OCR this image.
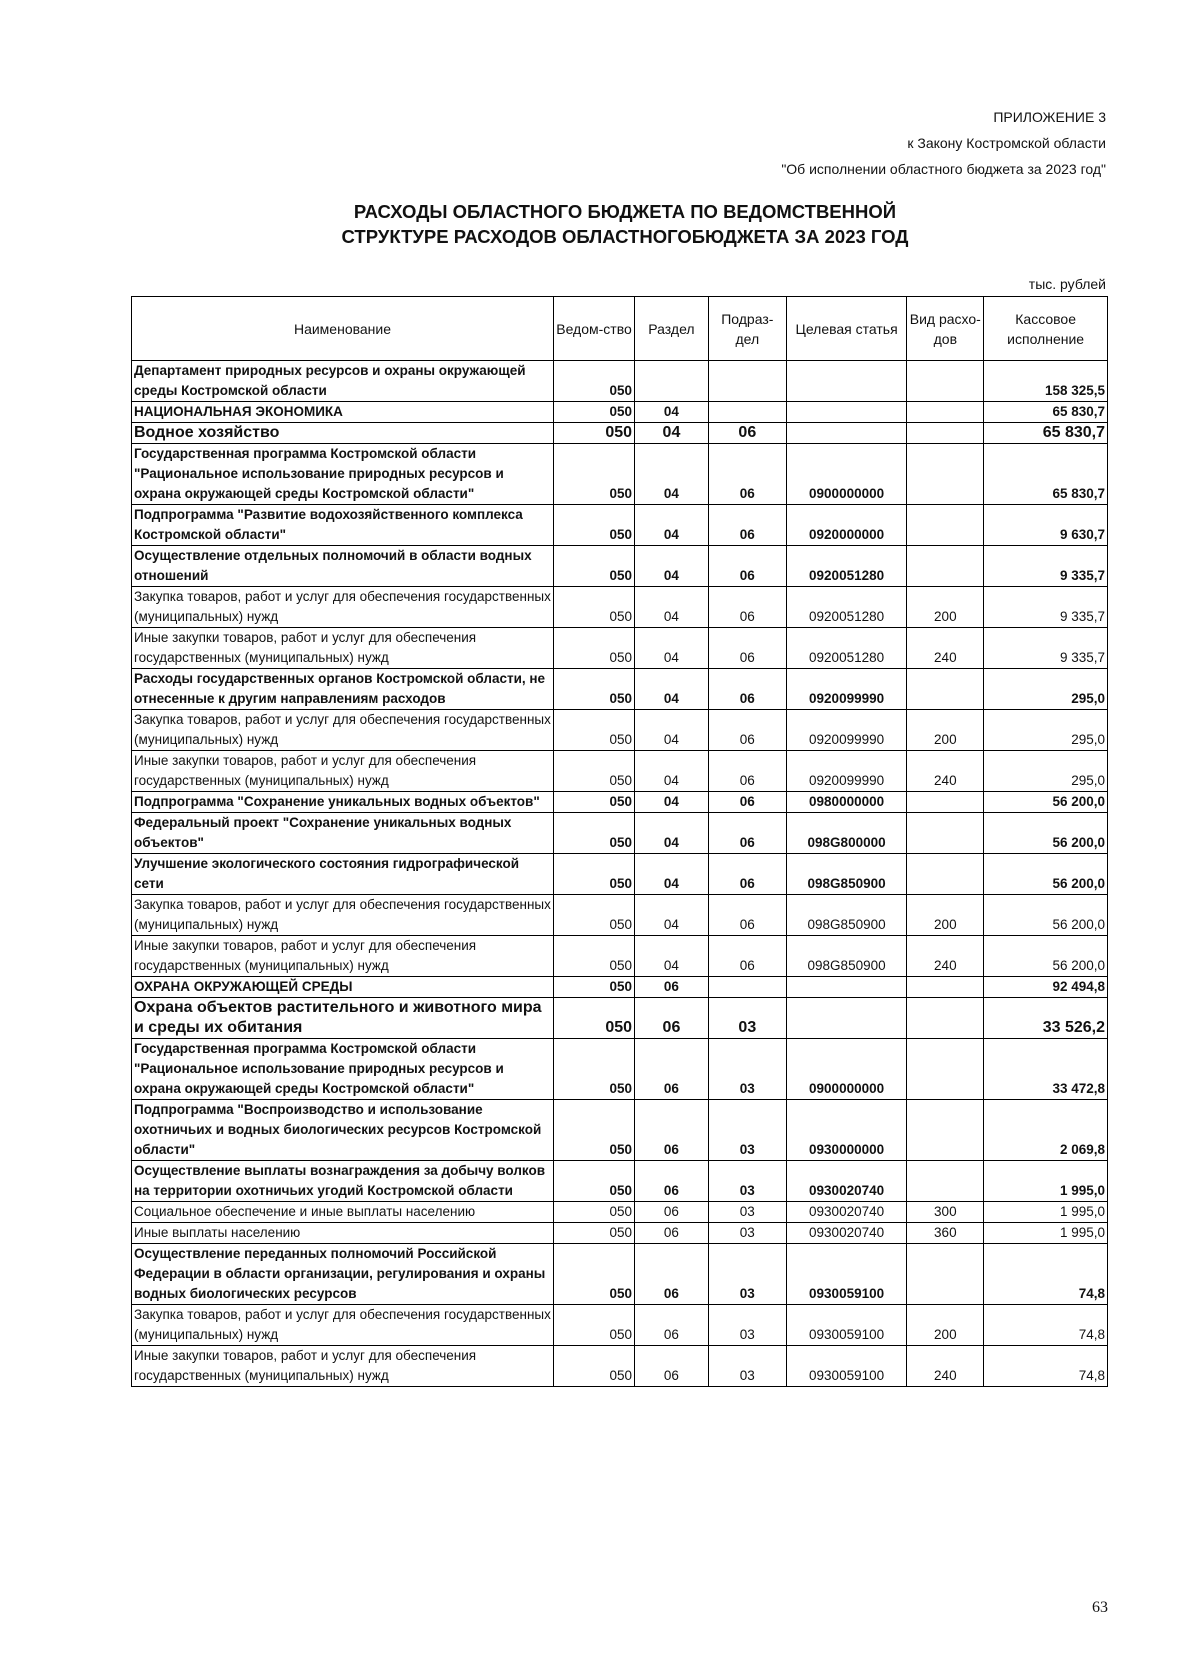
ПРИЛОЖЕНИЕ 3
к Закону Костромской области
"Об исполнении областного бюджета за 2023 год"
РАСХОДЫ ОБЛАСТНОГО БЮДЖЕТА ПО ВЕДОМСТВЕННОЙ
СТРУКТУРЕ РАСХОДОВ ОБЛАСТНОГОБЮДЖЕТА ЗА 2023 ГОД
тыс. рублей
Наименование	Ведом-ство	Раздел	Подраз-дел	Целевая статья	Вид расхо-дов	Кассовое исполнение
Департамент природных ресурсов и охраны окружающей среды Костромской области	050					158 325,5
НАЦИОНАЛЬНАЯ ЭКОНОМИКА	050	04				65 830,7
Водное хозяйство	050	04	06			65 830,7
Государственная программа Костромской области "Рациональное использование природных ресурсов и охрана окружающей среды Костромской области"	050	04	06	0900000000		65 830,7
Подпрограмма "Развитие водохозяйственного комплекса Костромской области"	050	04	06	0920000000		9 630,7
Осуществление отдельных полномочий в области водных отношений	050	04	06	0920051280		9 335,7
Закупка товаров, работ и услуг для обеспечения государственных (муниципальных) нужд	050	04	06	0920051280	200	9 335,7
Иные закупки товаров, работ и услуг для обеспечения государственных (муниципальных) нужд	050	04	06	0920051280	240	9 335,7
Расходы государственных органов Костромской области, не отнесенные к другим направлениям расходов	050	04	06	0920099990		295,0
Закупка товаров, работ и услуг для обеспечения государственных (муниципальных) нужд	050	04	06	0920099990	200	295,0
Иные закупки товаров, работ и услуг для обеспечения государственных (муниципальных) нужд	050	04	06	0920099990	240	295,0
Подпрограмма "Сохранение уникальных водных объектов"	050	04	06	0980000000		56 200,0
Федеральный проект "Сохранение уникальных водных объектов"	050	04	06	098G800000		56 200,0
Улучшение экологического состояния гидрографической сети	050	04	06	098G850900		56 200,0
Закупка товаров, работ и услуг для обеспечения государственных (муниципальных) нужд	050	04	06	098G850900	200	56 200,0
Иные закупки товаров, работ и услуг для обеспечения государственных (муниципальных) нужд	050	04	06	098G850900	240	56 200,0
ОХРАНА ОКРУЖАЮЩЕЙ СРЕДЫ	050	06				92 494,8
Охрана объектов растительного и животного мира и среды их обитания	050	06	03			33 526,2
Государственная программа Костромской области "Рациональное использование природных ресурсов и охрана окружающей среды Костромской области"	050	06	03	0900000000		33 472,8
Подпрограмма "Воспроизводство и использование охотничьих и водных биологических ресурсов Костромской области"	050	06	03	0930000000		2 069,8
Осуществление выплаты вознаграждения за добычу волков на территории охотничьих угодий Костромской области	050	06	03	0930020740		1 995,0
Социальное обеспечение и иные выплаты населению	050	06	03	0930020740	300	1 995,0
Иные выплаты населению	050	06	03	0930020740	360	1 995,0
Осуществление переданных полномочий Российской Федерации в области организации, регулирования и охраны водных биологических ресурсов	050	06	03	0930059100		74,8
Закупка товаров, работ и услуг для обеспечения государственных (муниципальных) нужд	050	06	03	0930059100	200	74,8
Иные закупки товаров, работ и услуг для обеспечения государственных (муниципальных) нужд	050	06	03	0930059100	240	74,8
63
